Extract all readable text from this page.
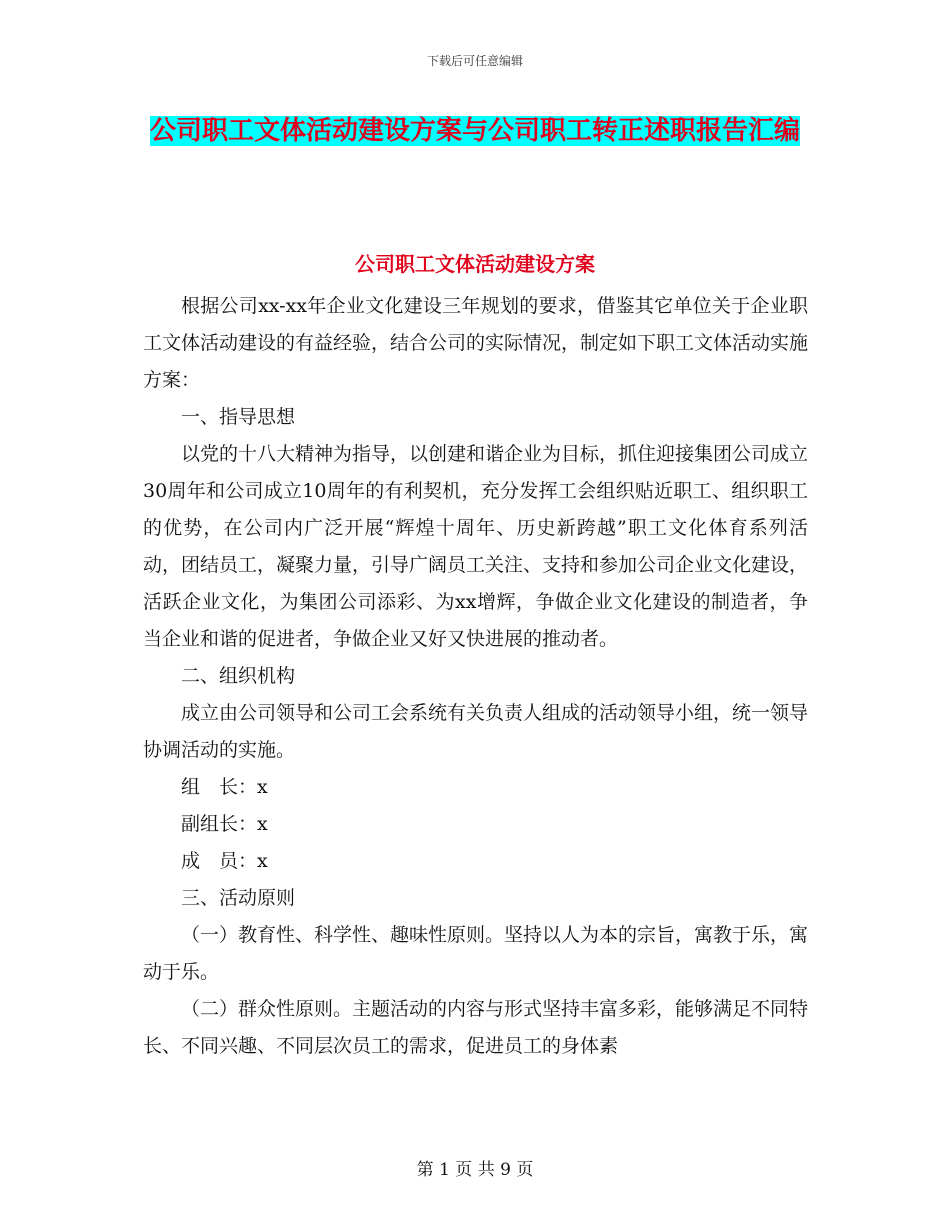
下载后可任意编辑
公司职工文体活动建设方案与公司职工转正述职报告汇编
公司职工文体活动建设方案

根据公司xx-xx年企业文化建设三年规划的要求，借鉴其它单位关于企业职工文体活动建设的有益经验，结合公司的实际情况，制定如下职工文体活动实施方案：

一、指导思想

以党的十八大精神为指导，以创建和谐企业为目标，抓住迎接集团公司成立30周年和公司成立10周年的有利契机，充分发挥工会组织贴近职工、组织职工的优势，在公司内广泛开展“辉煌十周年、历史新跨越”职工文化体育系列活动，团结员工，凝聚力量，引导广阔员工关注、支持和参加公司企业文化建设，活跃企业文化，为集团公司添彩、为xx增辉，争做企业文化建设的制造者，争当企业和谐的促进者，争做企业又好又快进展的推动者。

二、组织机构

成立由公司领导和公司工会系统有关负责人组成的活动领导小组，统一领导协调活动的实施。

组　长：x

副组长：x

成　员：x

三、活动原则

（一）教育性、科学性、趣味性原则。坚持以人为本的宗旨，寓教于乐，寓动于乐。

（二）群众性原则。主题活动的内容与形式坚持丰富多彩，能够满足不同特长、不同兴趣、不同层次员工的需求，促进员工的身体素

第 1 页 共 9 页
